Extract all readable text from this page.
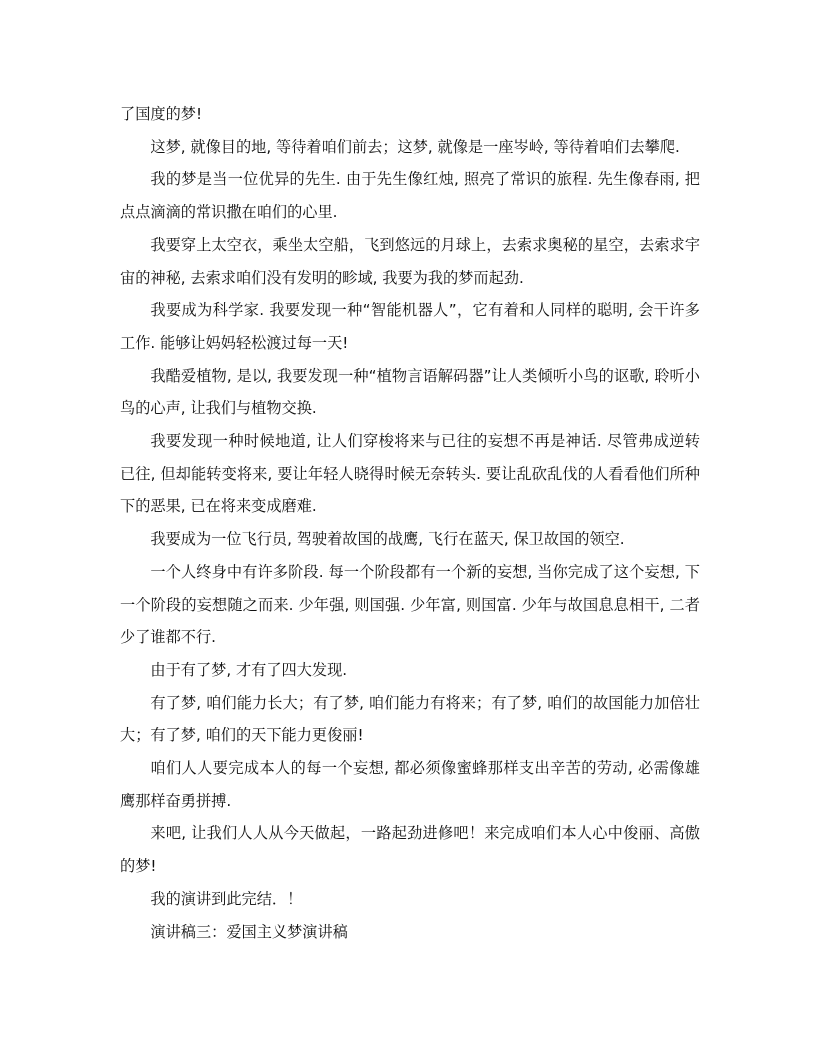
了国度的梦!

这梦, 就像目的地, 等待着咱们前去；这梦, 就像是一座岑岭, 等待着咱们去攀爬.

我的梦是当一位优异的先生. 由于先生像红烛, 照亮了常识的旅程. 先生像春雨, 把点点滴滴的常识撒在咱们的心里.

我要穿上太空衣，乘坐太空船，飞到悠远的月球上，去索求奥秘的星空，去索求宇宙的神秘, 去索求咱们没有发明的畛域, 我要为我的梦而起劲.

我要成为科学家. 我要发现一种“智能机器人”，它有着和人同样的聪明, 会干许多工作. 能够让妈妈轻松渡过每一天!

我酷爱植物, 是以, 我要发现一种“植物言语解码器”让人类倾听小鸟的讴歌, 聆听小鸟的心声, 让我们与植物交换.

我要发现一种时候地道, 让人们穿梭将来与已往的妄想不再是神话. 尽管弗成逆转已往, 但却能转变将来, 要让年轻人晓得时候无奈转头. 要让乱砍乱伐的人看看他们所种下的恶果, 已在将来变成磨难.

我要成为一位飞行员, 驾驶着故国的战鹰, 飞行在蓝天, 保卫故国的领空.

一个人终身中有许多阶段. 每一个阶段都有一个新的妄想, 当你完成了这个妄想, 下一个阶段的妄想随之而来. 少年强, 则国强. 少年富, 则国富. 少年与故国息息相干, 二者少了谁都不行.

由于有了梦, 才有了四大发现.

有了梦, 咱们能力长大；有了梦, 咱们能力有将来；有了梦, 咱们的故国能力加倍壮大；有了梦, 咱们的天下能力更俊丽!

咱们人人要完成本人的每一个妄想, 都必须像蜜蜂那样支出辛苦的劳动, 必需像雄鹰那样奋勇拼搏.

来吧, 让我们人人从今天做起，一路起劲进修吧！来完成咱们本人心中俊丽、高傲的梦!

我的演讲到此完结．！

演讲稿三：爱国主义梦演讲稿
